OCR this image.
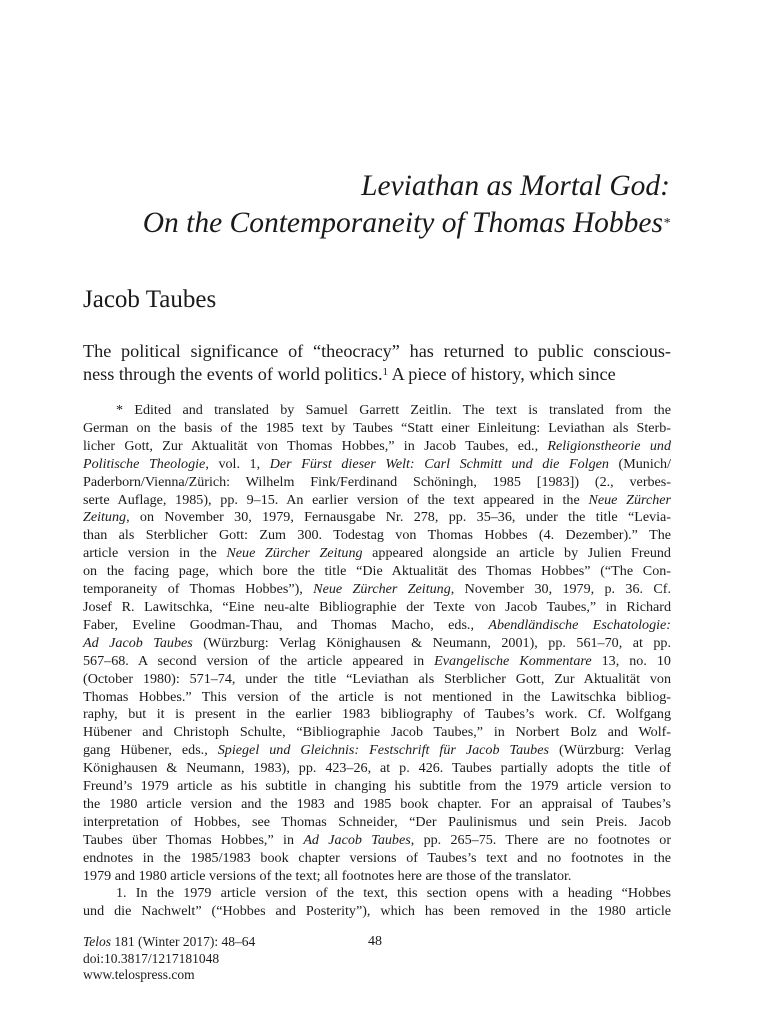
Leviathan as Mortal God:
On the Contemporaneity of Thomas Hobbes*
Jacob Taubes

The political significance of “theocracy” has returned to public conscious-
ness through the events of world politics.$^1$ A piece of history, which since

* Edited and translated by Samuel Garrett Zeitlin. The text is translated from the
German on the basis of the 1985 text by Taubes “Statt einer Einleitung: Leviathan als Sterb-
licher Gott, Zur Aktualität von Thomas Hobbes,” in Jacob Taubes, ed., Religionstheorie und
Politische Theologie, vol. 1, Der Fürst dieser Welt: Carl Schmitt und die Folgen (Munich/
Paderborn/Vienna/Zürich: Wilhelm Fink/Ferdinand Schöningh, 1985 [1983]) (2., verbes-
serte Auflage, 1985), pp. 9–15. An earlier version of the text appeared in the Neue Zürcher
Zeitung, on November 30, 1979, Fernausgabe Nr. 278, pp. 35–36, under the title “Levia-
than als Sterblicher Gott: Zum 300. Todestag von Thomas Hobbes (4. Dezember).” The
article version in the Neue Zürcher Zeitung appeared alongside an article by Julien Freund
on the facing page, which bore the title “Die Aktualität des Thomas Hobbes” (“The Con-
temporaneity of Thomas Hobbes”), Neue Zürcher Zeitung, November 30, 1979, p. 36. Cf.
Josef R. Lawitschka, “Eine neu-alte Bibliographie der Texte von Jacob Taubes,” in Richard
Faber, Eveline Goodman-Thau, and Thomas Macho, eds., Abendländische Eschatologie:
Ad Jacob Taubes (Würzburg: Verlag Könighausen & Neumann, 2001), pp. 561–70, at pp.
567–68. A second version of the article appeared in Evangelische Kommentare 13, no. 10
(October 1980): 571–74, under the title “Leviathan als Sterblicher Gott, Zur Aktualität von
Thomas Hobbes.” This version of the article is not mentioned in the Lawitschka bibliog-
raphy, but it is present in the earlier 1983 bibliography of Taubes’s work. Cf. Wolfgang
Hübener and Christoph Schulte, “Bibliographie Jacob Taubes,” in Norbert Bolz and Wolf-
gang Hübener, eds., Spiegel und Gleichnis: Festschrift für Jacob Taubes (Würzburg: Verlag
Könighausen & Neumann, 1983), pp. 423–26, at p. 426. Taubes partially adopts the title of
Freund’s 1979 article as his subtitle in changing his subtitle from the 1979 article version to
the 1980 article version and the 1983 and 1985 book chapter. For an appraisal of Taubes’s
interpretation of Hobbes, see Thomas Schneider, “Der Paulinismus und sein Preis. Jacob
Taubes über Thomas Hobbes,” in Ad Jacob Taubes, pp. 265–75. There are no footnotes or
endnotes in the 1985/1983 book chapter versions of Taubes’s text and no footnotes in the
1979 and 1980 article versions of the text; all footnotes here are those of the translator.
1. In the 1979 article version of the text, this section opens with a heading “Hobbes
und die Nachwelt” (“Hobbes and Posterity”), which has been removed in the 1980 article
Telos 181 (Winter 2017): 48–64
doi:10.3817/1217181048
www.telospress.com
48
